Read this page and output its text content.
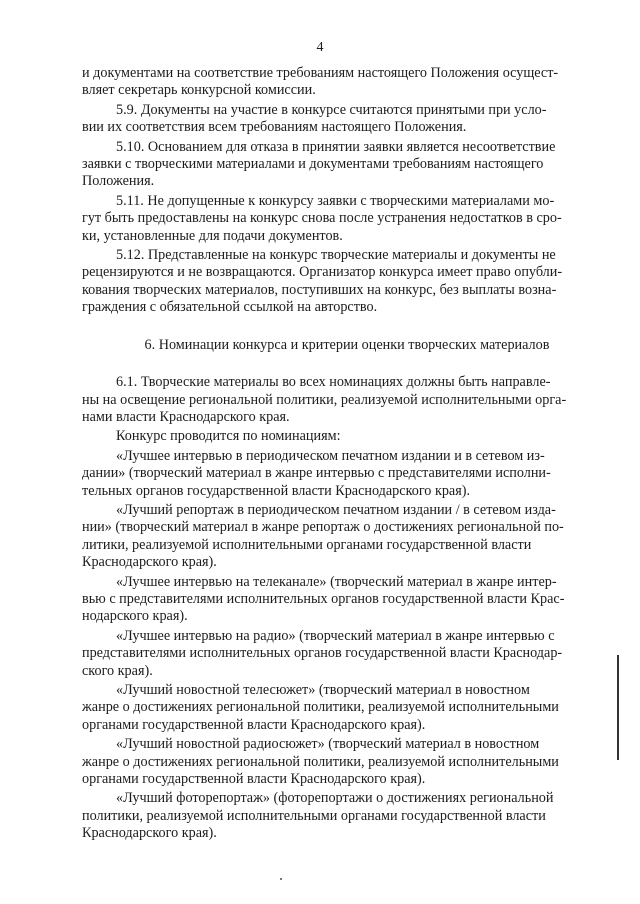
4

и документами на соответствие требованиям настоящего Положения осущест-
вляет секретарь конкурсной комиссии.

5.9. Документы на участие в конкурсе считаются принятыми при усло-
вии их соответствия всем требованиям настоящего Положения.

5.10. Основанием для отказа в принятии заявки является несоответствие
заявки с творческими материалами и документами требованиям настоящего
Положения.

5.11. Не допущенные к конкурсу заявки с творческими материалами мо-
гут быть предоставлены на конкурс снова после устранения недостатков в сро-
ки, установленные для подачи документов.

5.12. Представленные на конкурс творческие материалы и документы не
рецензируются и не возвращаются. Организатор конкурса имеет право опубли-
кования творческих материалов, поступивших на конкурс, без выплаты возна-
граждения с обязательной ссылкой на авторство.

6. Номинации конкурса и критерии оценки творческих материалов

6.1. Творческие материалы во всех номинациях должны быть направле-
ны на освещение региональной политики, реализуемой исполнительными орга-
нами власти Краснодарского края.

Конкурс проводится по номинациям:

«Лучшее интервью в периодическом печатном издании и в сетевом из-
дании» (творческий материал в жанре интервью с представителями исполни-
тельных органов государственной власти Краснодарского края).

«Лучший репортаж в периодическом печатном издании / в сетевом изда-
нии» (творческий материал в жанре репортаж о достижениях региональной по-
литики, реализуемой исполнительными органами государственной власти
Краснодарского края).

«Лучшее интервью на телеканале» (творческий материал в жанре интер-
вью с представителями исполнительных органов государственной власти Крас-
нодарского края).

«Лучшее интервью на радио» (творческий материал в жанре интервью с
представителями исполнительных органов государственной власти Краснодар-
ского края).

«Лучший новостной телесюжет» (творческий материал в новостном
жанре о достижениях региональной политики, реализуемой исполнительными
органами государственной власти Краснодарского края).

«Лучший новостной радиосюжет» (творческий материал в новостном
жанре о достижениях региональной политики, реализуемой исполнительными
органами государственной власти Краснодарского края).

«Лучший фоторепортаж» (фоторепортажи о достижениях региональной
политики, реализуемой исполнительными органами государственной власти
Краснодарского края).
